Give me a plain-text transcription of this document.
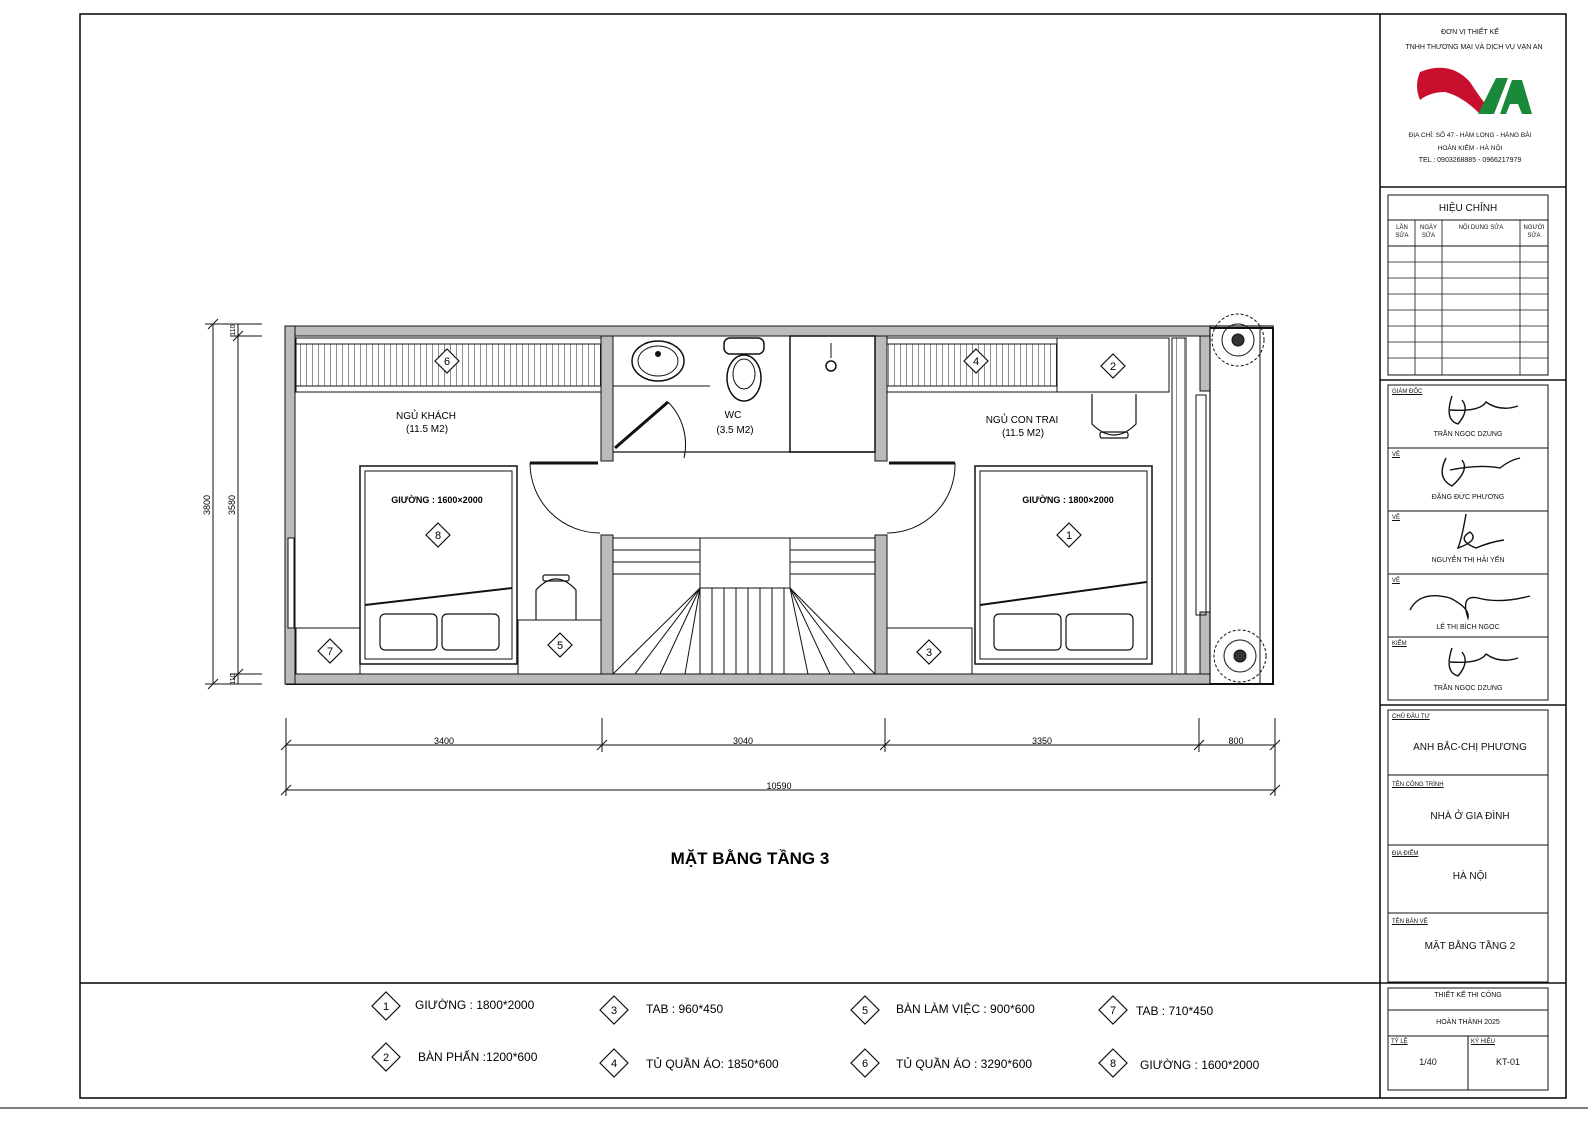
NGỦ KHÁCH
(11.5 M2)
WC
(3.5 M2)
NGỦ CON TRAI
(11.5 M2)
GIƯỜNG : 1600×2000	GIƯỜNG : 1800×2000
6	4	2
8	1
5
7	3
3400	3040	3350	800
10590
3800 3580
110
110
MẶT BẰNG TẦNG 3
1 GIƯỜNG : 1800*2000
2 BÀN PHẤN :1200*600
3 TAB : 960*450
4 TỦ QUẦN ÁO: 1850*600
5 BÀN LÀM VIỆC : 900*600
6 TỦ QUẦN ÁO : 3290*600
7 TAB : 710*450
8 GIƯỜNG : 1600*2000
ĐƠN VỊ THIẾT KẾ
TNHH THƯƠNG MẠI VÀ DỊCH VỤ VẠN AN
ĐỊA CHỈ: SỐ 47 - HÀM LONG - HÀNG BÀI
HOÀN KIẾM - HÀ NỘI
TEL : 0903268885 - 0966217979
HIỆU CHỈNH
LẦN SỬA
NGÀY SỬA
NỘI DUNG SỬA	NGƯỜI SỬA
GIÁM ĐỐC
TRẦN NGỌC DZUNG
VẼ
ĐẶNG ĐỨC PHƯƠNG
VẼ
NGUYỄN THỊ HẢI YẾN
VẼ
LÊ THỊ BÍCH NGỌC
KIỂM
TRẦN NGỌC DZUNG
CHỦ ĐẦU TƯ
ANH BẮC-CHỊ PHƯƠNG
TÊN CÔNG TRÌNH
NHÀ Ở GIA ĐÌNH
ĐỊA ĐIỂM
HÀ NỘI
TÊN BẢN VẼ
MẶT BẰNG TẦNG 2
THIẾT KẾ THI CÔNG
HOÀN THÀNH 2025
TỶ LỆ
1/40
KÝ HIỆU
KT-01
